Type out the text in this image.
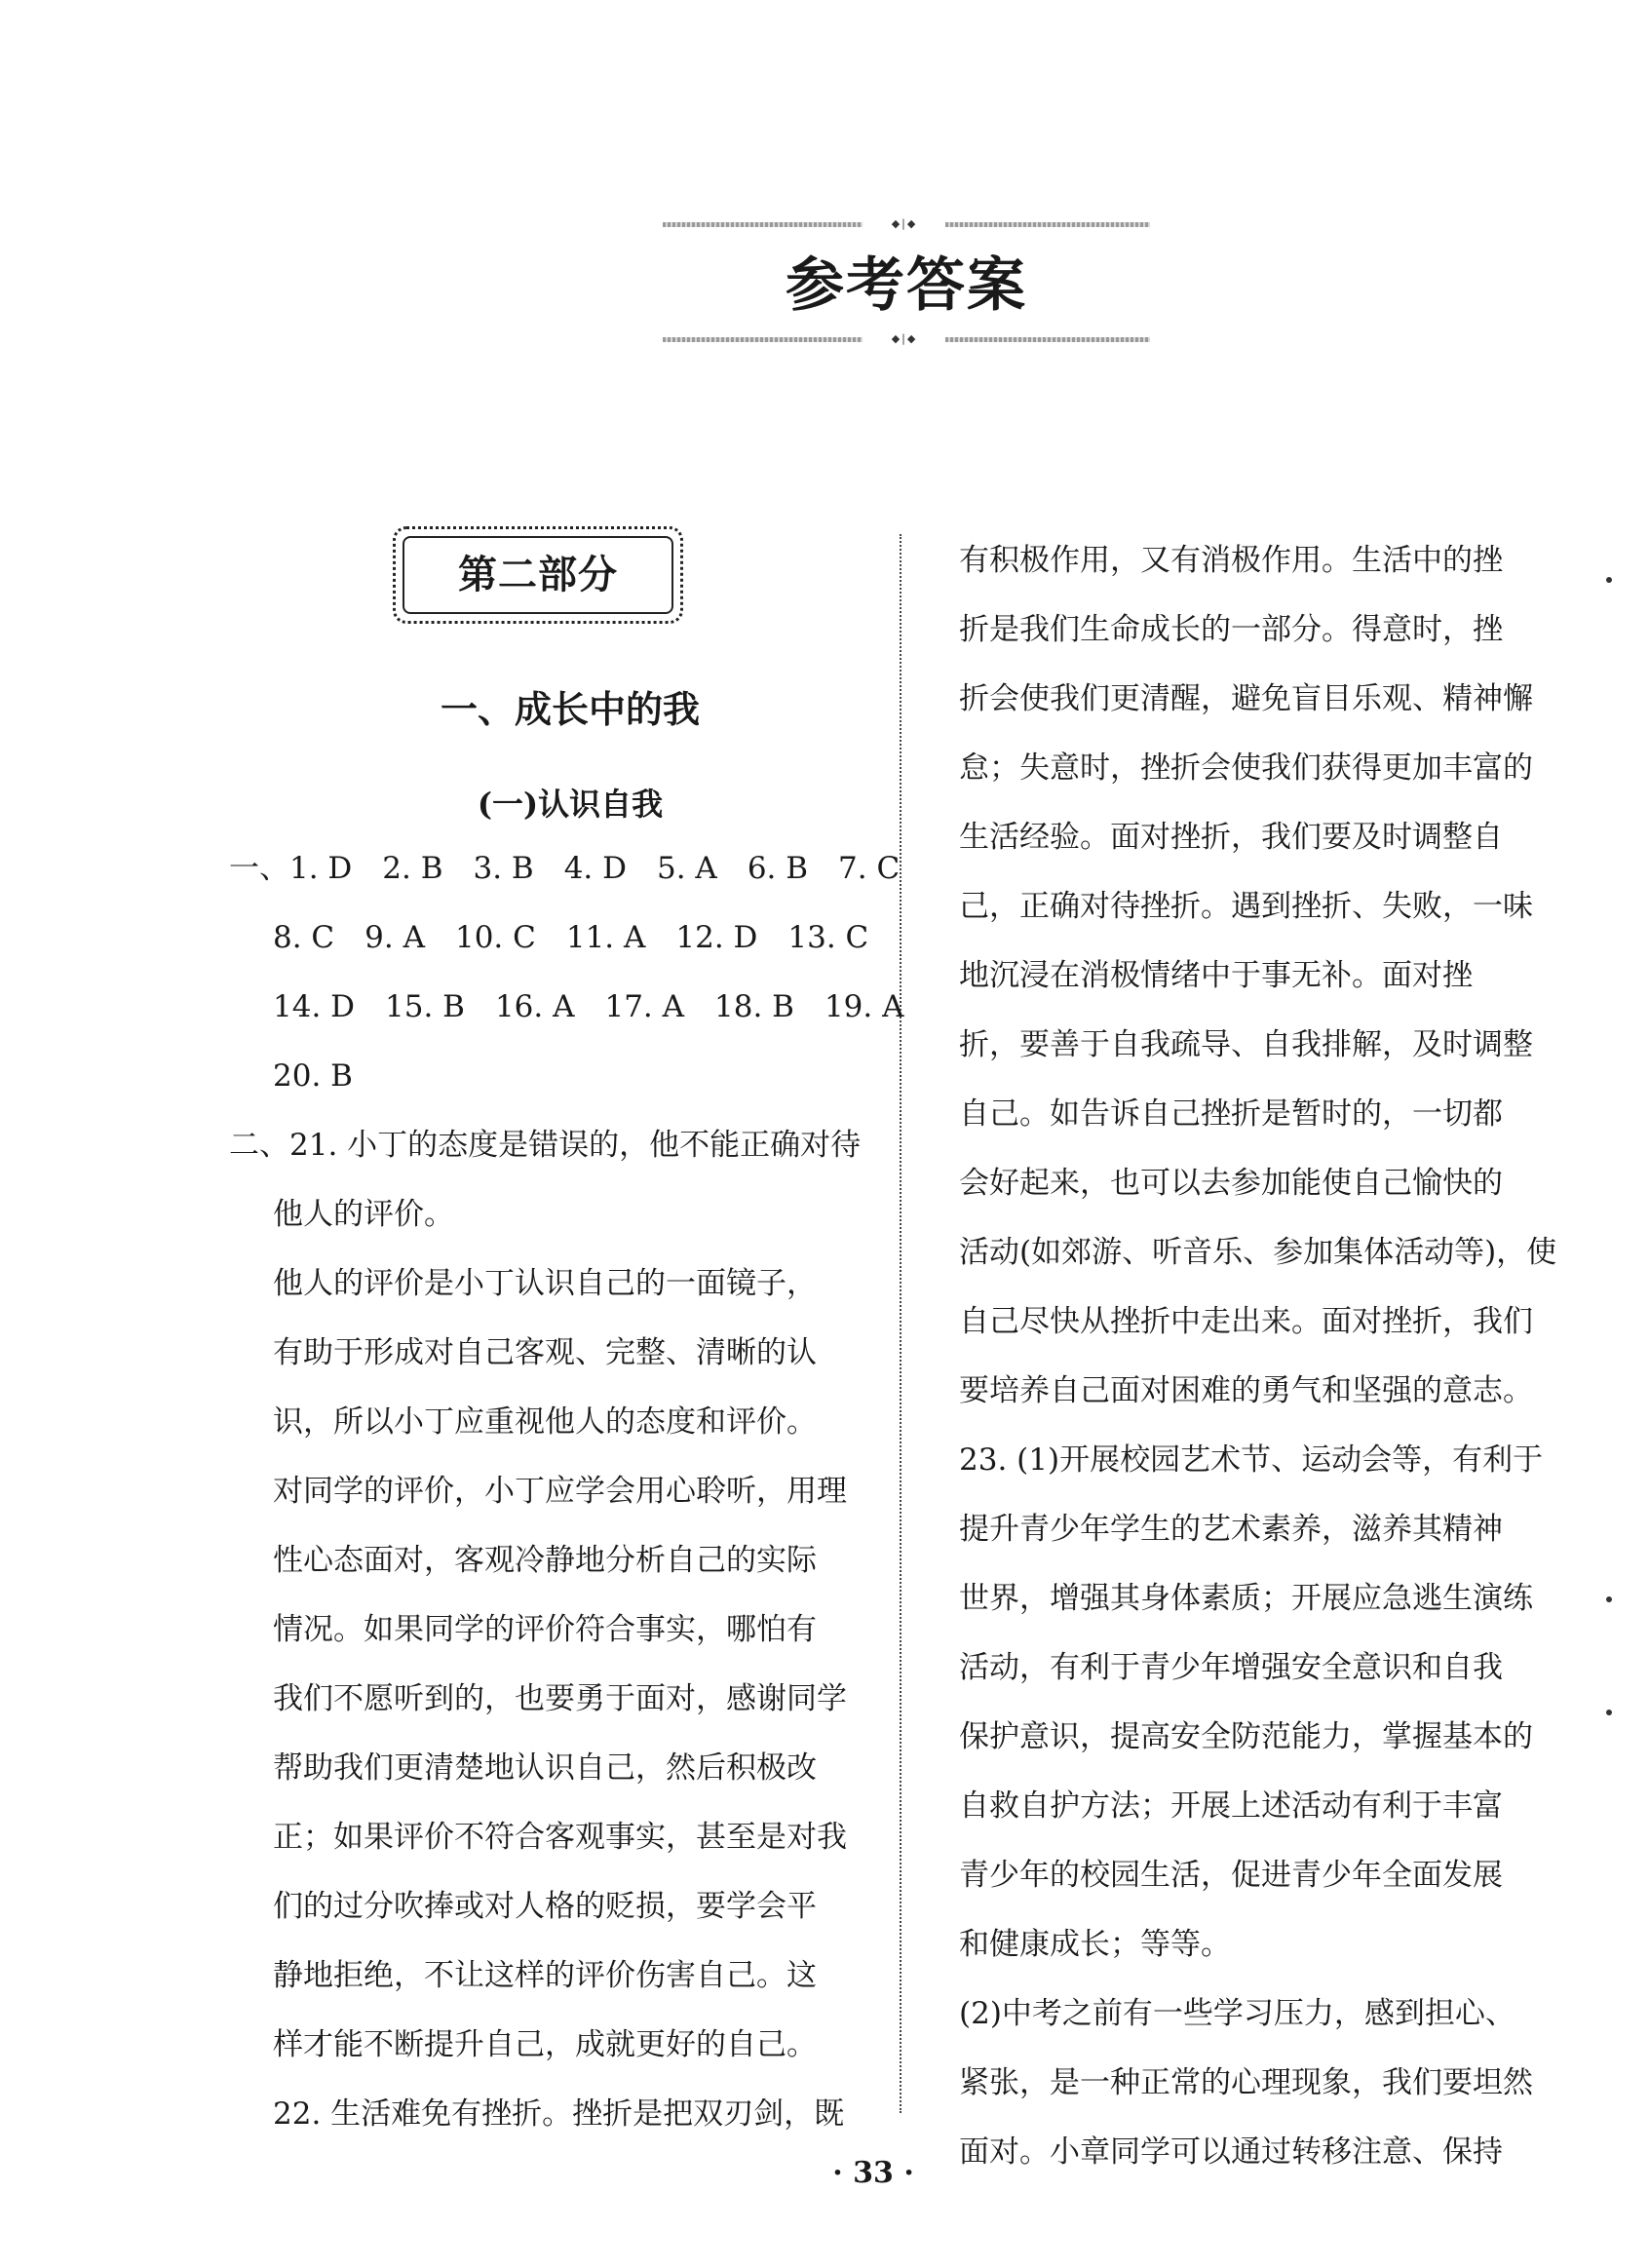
◆|◆
参考答案
◆|◆
第二部分
一、成长中的我
(一)认识自我
一、1. D　2. B　3. B　4. D　5. A　6. B　7. C
8. C　9. A　10. C　11. A　12. D　13. C
14. D　15. B　16. A　17. A　18. B　19. A
20. B
二、21. 小丁的态度是错误的，他不能正确对待
他人的评价。
他人的评价是小丁认识自己的一面镜子，
有助于形成对自己客观、完整、清晰的认
识，所以小丁应重视他人的态度和评价。
对同学的评价，小丁应学会用心聆听，用理
性心态面对，客观冷静地分析自己的实际
情况。如果同学的评价符合事实，哪怕有
我们不愿听到的，也要勇于面对，感谢同学
帮助我们更清楚地认识自己，然后积极改
正；如果评价不符合客观事实，甚至是对我
们的过分吹捧或对人格的贬损，要学会平
静地拒绝，不让这样的评价伤害自己。这
样才能不断提升自己，成就更好的自己。
22. 生活难免有挫折。挫折是把双刃剑，既
有积极作用，又有消极作用。生活中的挫
折是我们生命成长的一部分。得意时，挫
折会使我们更清醒，避免盲目乐观、精神懈
怠；失意时，挫折会使我们获得更加丰富的
生活经验。面对挫折，我们要及时调整自
己，正确对待挫折。遇到挫折、失败，一味
地沉浸在消极情绪中于事无补。面对挫
折，要善于自我疏导、自我排解，及时调整
自己。如告诉自己挫折是暂时的，一切都
会好起来，也可以去参加能使自己愉快的
活动(如郊游、听音乐、参加集体活动等)，使
自己尽快从挫折中走出来。面对挫折，我们
要培养自己面对困难的勇气和坚强的意志。
23. (1)开展校园艺术节、运动会等，有利于
提升青少年学生的艺术素养，滋养其精神
世界，增强其身体素质；开展应急逃生演练
活动，有利于青少年增强安全意识和自我
保护意识，提高安全防范能力，掌握基本的
自救自护方法；开展上述活动有利于丰富
青少年的校园生活，促进青少年全面发展
和健康成长；等等。
(2)中考之前有一些学习压力，感到担心、
紧张，是一种正常的心理现象，我们要坦然
面对。小章同学可以通过转移注意、保持
· 33 ·
